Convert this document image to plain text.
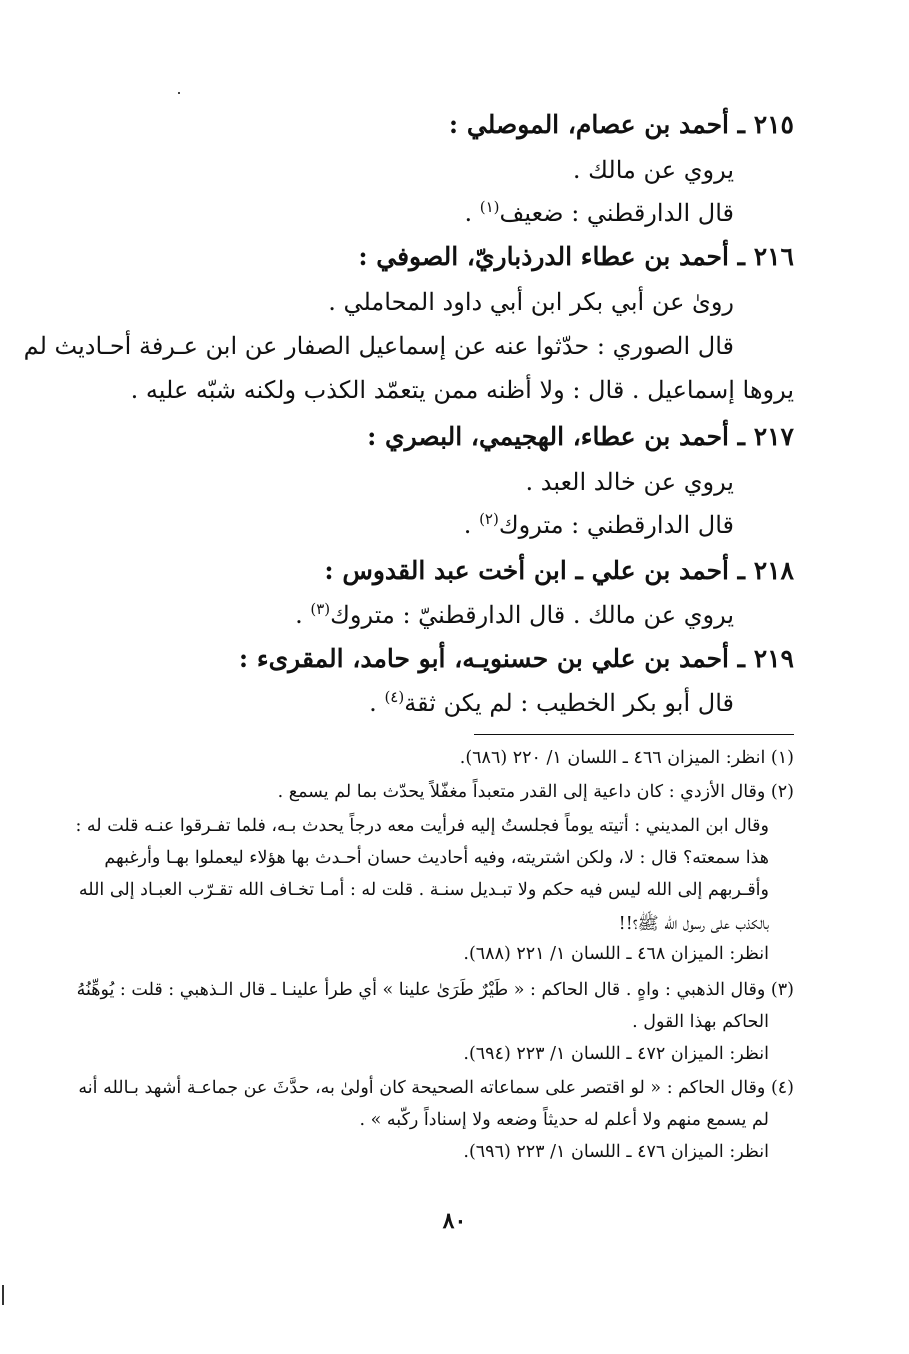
٢١٥ ـ أحمد بن عصام، الموصلي :
يروي عن مالك .
قال الدارقطني : ضعيف$^{(١)}$ .
٢١٦ ـ أحمد بن عطاء الدرذباريّ، الصوفي :
روىٰ عن أبي بكر ابن أبي داود المحاملي .
قال الصوري : حدّثوا عنه عن إسماعيل الصفار عن ابن عـرفة أحـاديث لم
يروها إسماعيل . قال : ولا أظنه ممن يتعمّد الكذب ولكنه شبّه عليه .
٢١٧ ـ أحمد بن عطاء، الهجيمي، البصري :
يروي عن خالد العبد .
قال الدارقطني : متروك$^{(٢)}$ .
٢١٨ ـ أحمد بن علي ـ ابن أخت عبد القدوس :
يروي عن مالك . قال الدارقطنيّ : متروك$^{(٣)}$ .
٢١٩ ـ أحمد بن علي بن حسنويـه، أبو حامد، المقرىء :
قال أبو بكر الخطيب : لم يكن ثقة$^{(٤)}$ .
(١) انظر: الميزان ٤٦٦ ـ اللسان ١/ ٢٢٠ (٦٨٦).
(٢) وقال الأزدي : كان داعية إلى القدر متعبداً مغفّلاً يحدّث بما لم يسمع .
وقال ابن المديني : أتيته يوماً فجلستُ إليه فرأيت معه درجاً يحدث بـه، فلما تفـرقوا عنـه قلت له :
هذا سمعته؟ قال : لا، ولكن اشتريته، وفيه أحاديث حسان أحـدث بها هؤلاء ليعملوا بهـا وأرغبهم
وأقـربهم إلى الله ليس فيه حكم ولا تبـديل سنـة . قلت له : أمـا تخـاف الله تقـرّب العبـاد إلى الله
بالكذب على رسول الله ﷺ؟!!
انظر: الميزان ٤٦٨ ـ اللسان ١/ ٢٢١ (٦٨٨).
(٣) وقال الذهبي : واهٍ . قال الحاكم : « طَيْرٌ طَرَىٰ علينا » أي طرأ علينـا ـ قال الـذهبي : قلت : يُوهِّنُهُ
الحاكم بهذا القول .
انظر: الميزان ٤٧٢ ـ اللسان ١/ ٢٢٣ (٦٩٤).
(٤) وقال الحاكم : « لو اقتصر على سماعاته الصحيحة كان أولىٰ به، حدَّثَ عن جماعـة أشهد بـالله أنه
لم يسمع منهم ولا أعلم له حديثاً وضعه ولا إسناداً ركّبه » .
انظر: الميزان ٤٧٦ ـ اللسان ١/ ٢٢٣ (٦٩٦).
٨٠
